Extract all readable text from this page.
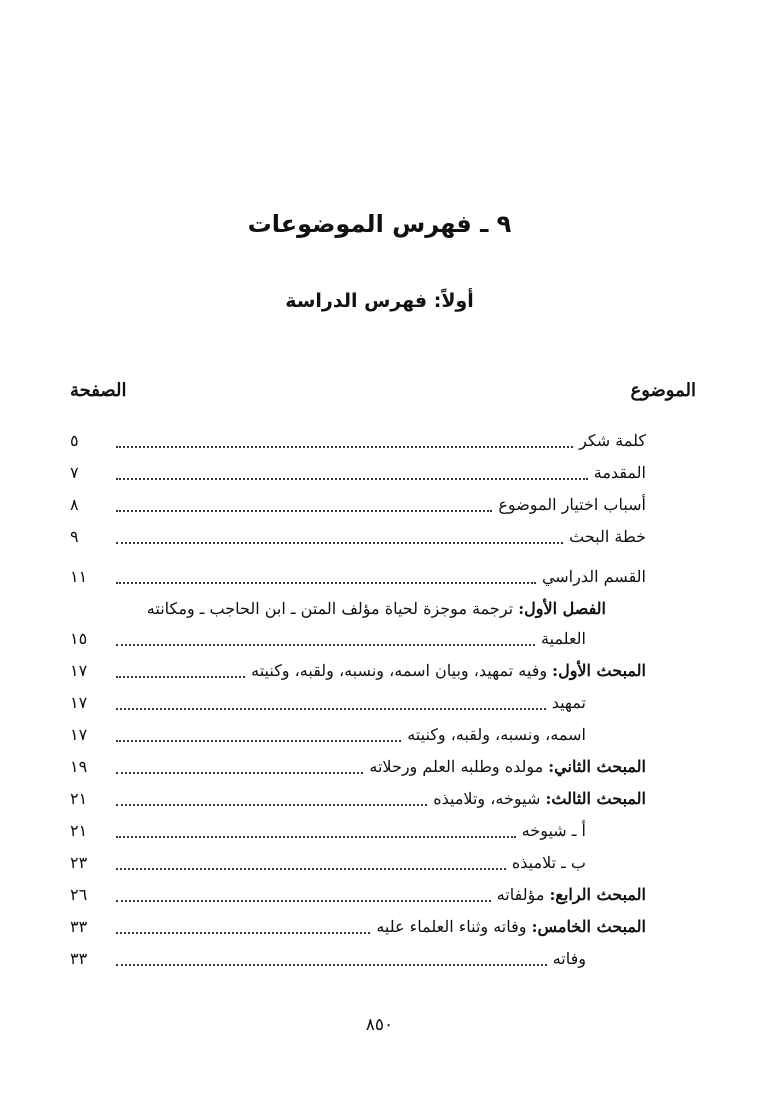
٩ ـ فهرس الموضوعات
أولاً: فهرس الدراسة
الموضوع
الصفحة
كلمة شكر
٥
المقدمة
٧
أسباب اختيار الموضوع
٨
خطة البحث
٩
القسم الدراسي
١١
الفصل الأول: ترجمة موجزة لحياة مؤلف المتن ـ ابن الحاجب ـ ومكانته
العلمية
١٥
المبحث الأول: وفيه تمهيد، وبيان اسمه، ونسبه، ولقبه، وكنيته
١٧
تمهيد
١٧
اسمه، ونسبه، ولقبه، وكنيته
١٧
المبحث الثاني: مولده وطلبه العلم ورحلاته
١٩
المبحث الثالث: شيوخه، وتلاميذه
٢١
أ ـ شيوخه
٢١
ب ـ تلاميذه
٢٣
المبحث الرابع: مؤلفاته
٢٦
المبحث الخامس: وفاته وثناء العلماء عليه
٣٣
وفاته
٣٣
٨٥٠
